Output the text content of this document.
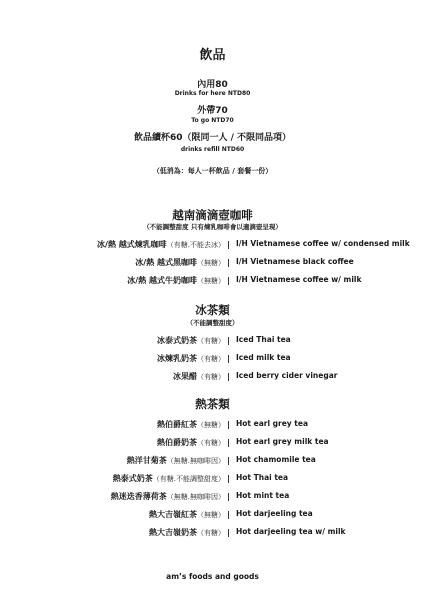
飲品
內用80
Drinks for here NTD80
外帶70
To go NTD70
飲品續杯60（限同一人 / 不限同品項）
drinks refill NTD60
（低消為：每人一杯飲品 / 套餐一份）
越南滴滴壺咖啡
（不能調整甜度 只有煉乳咖啡會以適滴壺呈現）
冰/熱 越式煉乳咖啡（有糖.不能去冰） | I/H Vietnamese coffee w/ condensed milk
冰/熱 越式黑咖啡（無糖） | I/H Vietnamese black coffee
冰/熱 越式牛奶咖啡（無糖） | I/H Vietnamese coffee w/ milk
冰茶類
（不能調整甜度）
冰泰式奶茶（有糖） | Iced Thai tea
冰煉乳奶茶（有糖） | Iced milk tea
冰果醋（有糖） | Iced berry cider vinegar
熱茶類
熱伯爵紅茶（無糖） | Hot earl grey tea
熱伯爵奶茶（有糖） | Hot earl grey milk tea
熱洋甘菊茶（無糖.無咖啡因） | Hot chamomile tea
熱泰式奶茶（有糖.不能調整甜度） | Hot Thai tea
熱迷迭香薄荷茶（無糖.無咖啡因） | Hot mint tea
熱大吉嶺紅茶（無糖） | Hot darjeeling tea
熱大吉嶺奶茶（有糖） | Hot darjeeling tea w/ milk
am’s foods and goods
